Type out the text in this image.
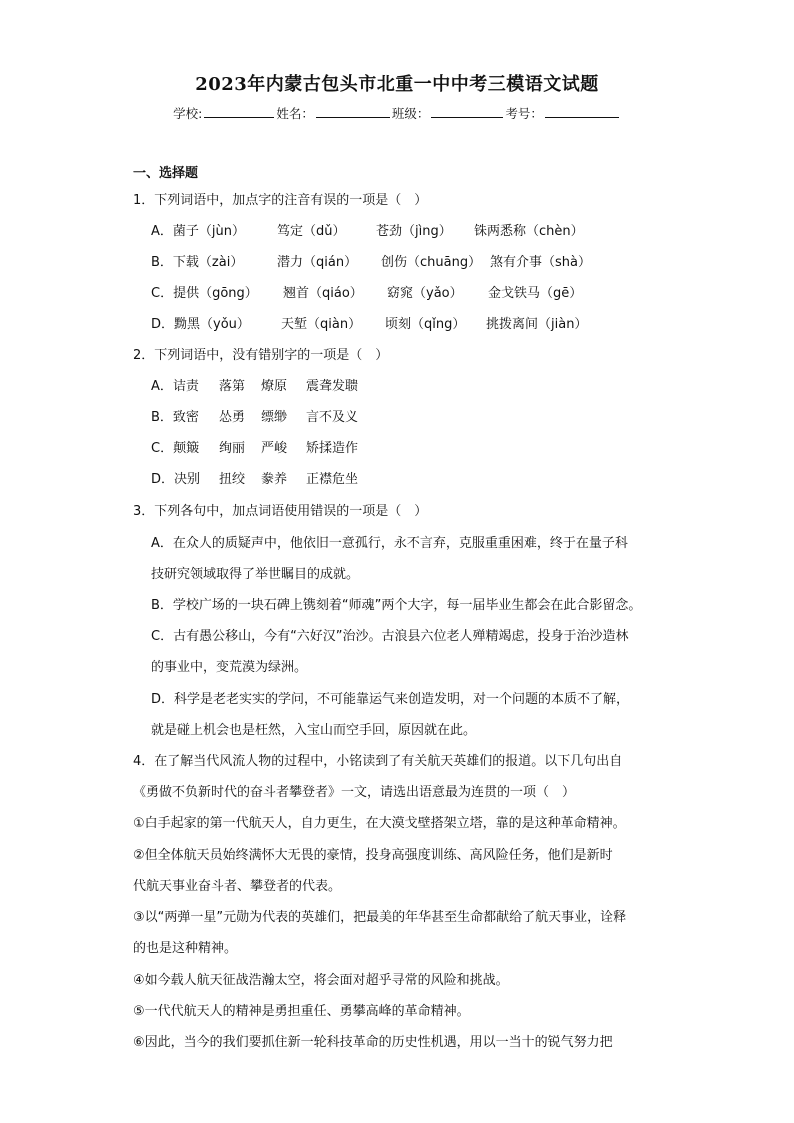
2023年内蒙古包头市北重一中中考三模语文试题
学校:	姓名：	班级：	考号：
一、选择题
1．下列词语中，加点字的注音有误的一项是（　）
A．菌子（jùn） 笃定（dǔ） 苍劲（jìng） 铢两悉称（chèn）
B．下载（zài）	潜力（qián） 创伤（chuāng） 煞有介事（shà）
C．提供（gōng） 翘首（qiáo） 窈窕（yǎo） 金戈铁马（gē）
D．黝黑（yǒu） 天堑（qiàn） 顷刻（qǐng） 挑拨离间（jiàn）
2．下列词语中，没有错别字的一项是（　）
A．诘责 落第 燎原 震聋发聩
B．致密 怂勇 缥缈 言不及义
C．颠簸 绚丽 严峻 矫揉造作
D．决别 扭绞 豢养 正襟危坐
3．下列各句中，加点词语使用错误的一项是（　）
A．在众人的质疑声中，他依旧一意孤行，永不言弃，克服重重困难，终于在量子科
技研究领域取得了举世瞩目的成就。
B．学校广场的一块石碑上镌刻着“师魂”两个大字，每一届毕业生都会在此合影留念。
C．古有愚公移山，今有“六好汉”治沙。古浪县六位老人殚精竭虑，投身于治沙造林
的事业中，变荒漠为绿洲。
D．科学是老老实实的学问，不可能靠运气来创造发明，对一个问题的本质不了解，
就是碰上机会也是枉然，入宝山而空手回，原因就在此。
4．在了解当代风流人物的过程中，小铭读到了有关航天英雄们的报道。以下几句出自
《勇做不负新时代的奋斗者攀登者》一文，请选出语意最为连贯的一项（　）
①白手起家的第一代航天人，自力更生，在大漠戈壁搭架立塔，靠的是这种革命精神。
②但全体航天员始终满怀大无畏的豪情，投身高强度训练、高风险任务，他们是新时
代航天事业奋斗者、攀登者的代表。
③以“两弹一星”元勋为代表的英雄们，把最美的年华甚至生命都献给了航天事业，诠释
的也是这种精神。
④如今载人航天征战浩瀚太空，将会面对超乎寻常的风险和挑战。
⑤一代代航天人的精神是勇担重任、勇攀高峰的革命精神。
⑥因此，当今的我们要抓住新一轮科技革命的历史性机遇，用以一当十的锐气努力把
